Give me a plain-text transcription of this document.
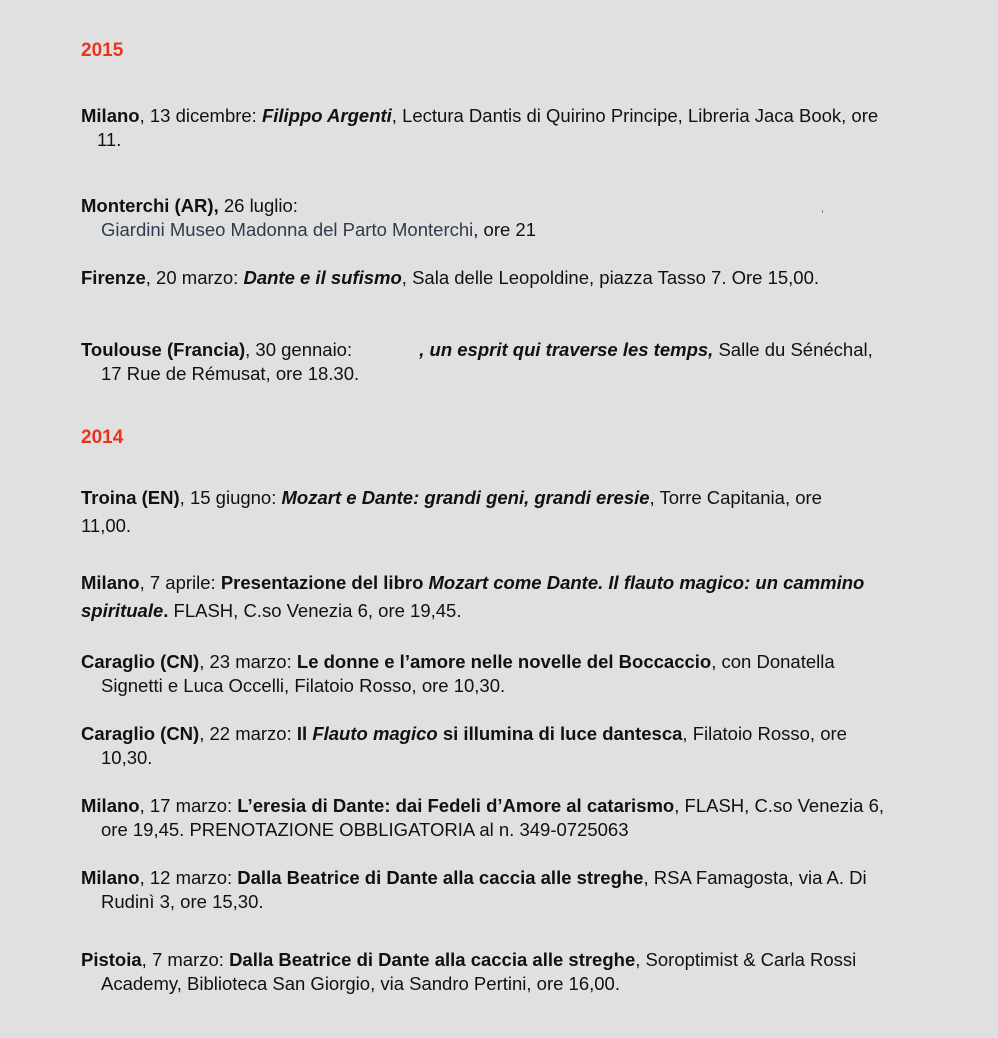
2015

Milano, 13 dicembre: Filippo Argenti, Lectura Dantis di Quirino Principe, Libreria Jaca Book, ore 11.

Monterchi (AR), 26 luglio:
Giardini Museo Madonna del Parto Monterchi, ore 21

Firenze, 20 marzo: Dante e il sufismo, Sala delle Leopoldine, piazza Tasso 7. Ore 15,00.

Toulouse (Francia), 30 gennaio:	, un esprit qui traverse les temps, Salle du Sénéchal, 17 Rue de Rémusat, ore 18.30.

2014

Troina (EN), 15 giugno: Mozart e Dante: grandi geni, grandi eresie, Torre Capitania, ore 11,00.

Milano, 7 aprile: Presentazione del libro Mozart come Dante. Il flauto magico: un cammino spirituale. FLASH, C.so Venezia 6, ore 19,45.

Caraglio (CN), 23 marzo: Le donne e l’amore nelle novelle del Boccaccio, con Donatella Signetti e Luca Occelli, Filatoio Rosso, ore 10,30.

Caraglio (CN), 22 marzo: Il Flauto magico si illumina di luce dantesca, Filatoio Rosso, ore 10,30.

Milano, 17 marzo: L’eresia di Dante: dai Fedeli d’Amore al catarismo, FLASH, C.so Venezia 6, ore 19,45. PRENOTAZIONE OBBLIGATORIA al n. 349-0725063

Milano, 12 marzo: Dalla Beatrice di Dante alla caccia alle streghe, RSA Famagosta, via A. Di Rudinì 3, ore 15,30.

Pistoia, 7 marzo: Dalla Beatrice di Dante alla caccia alle streghe, Soroptimist & Carla Rossi Academy, Biblioteca San Giorgio, via Sandro Pertini, ore 16,00.
